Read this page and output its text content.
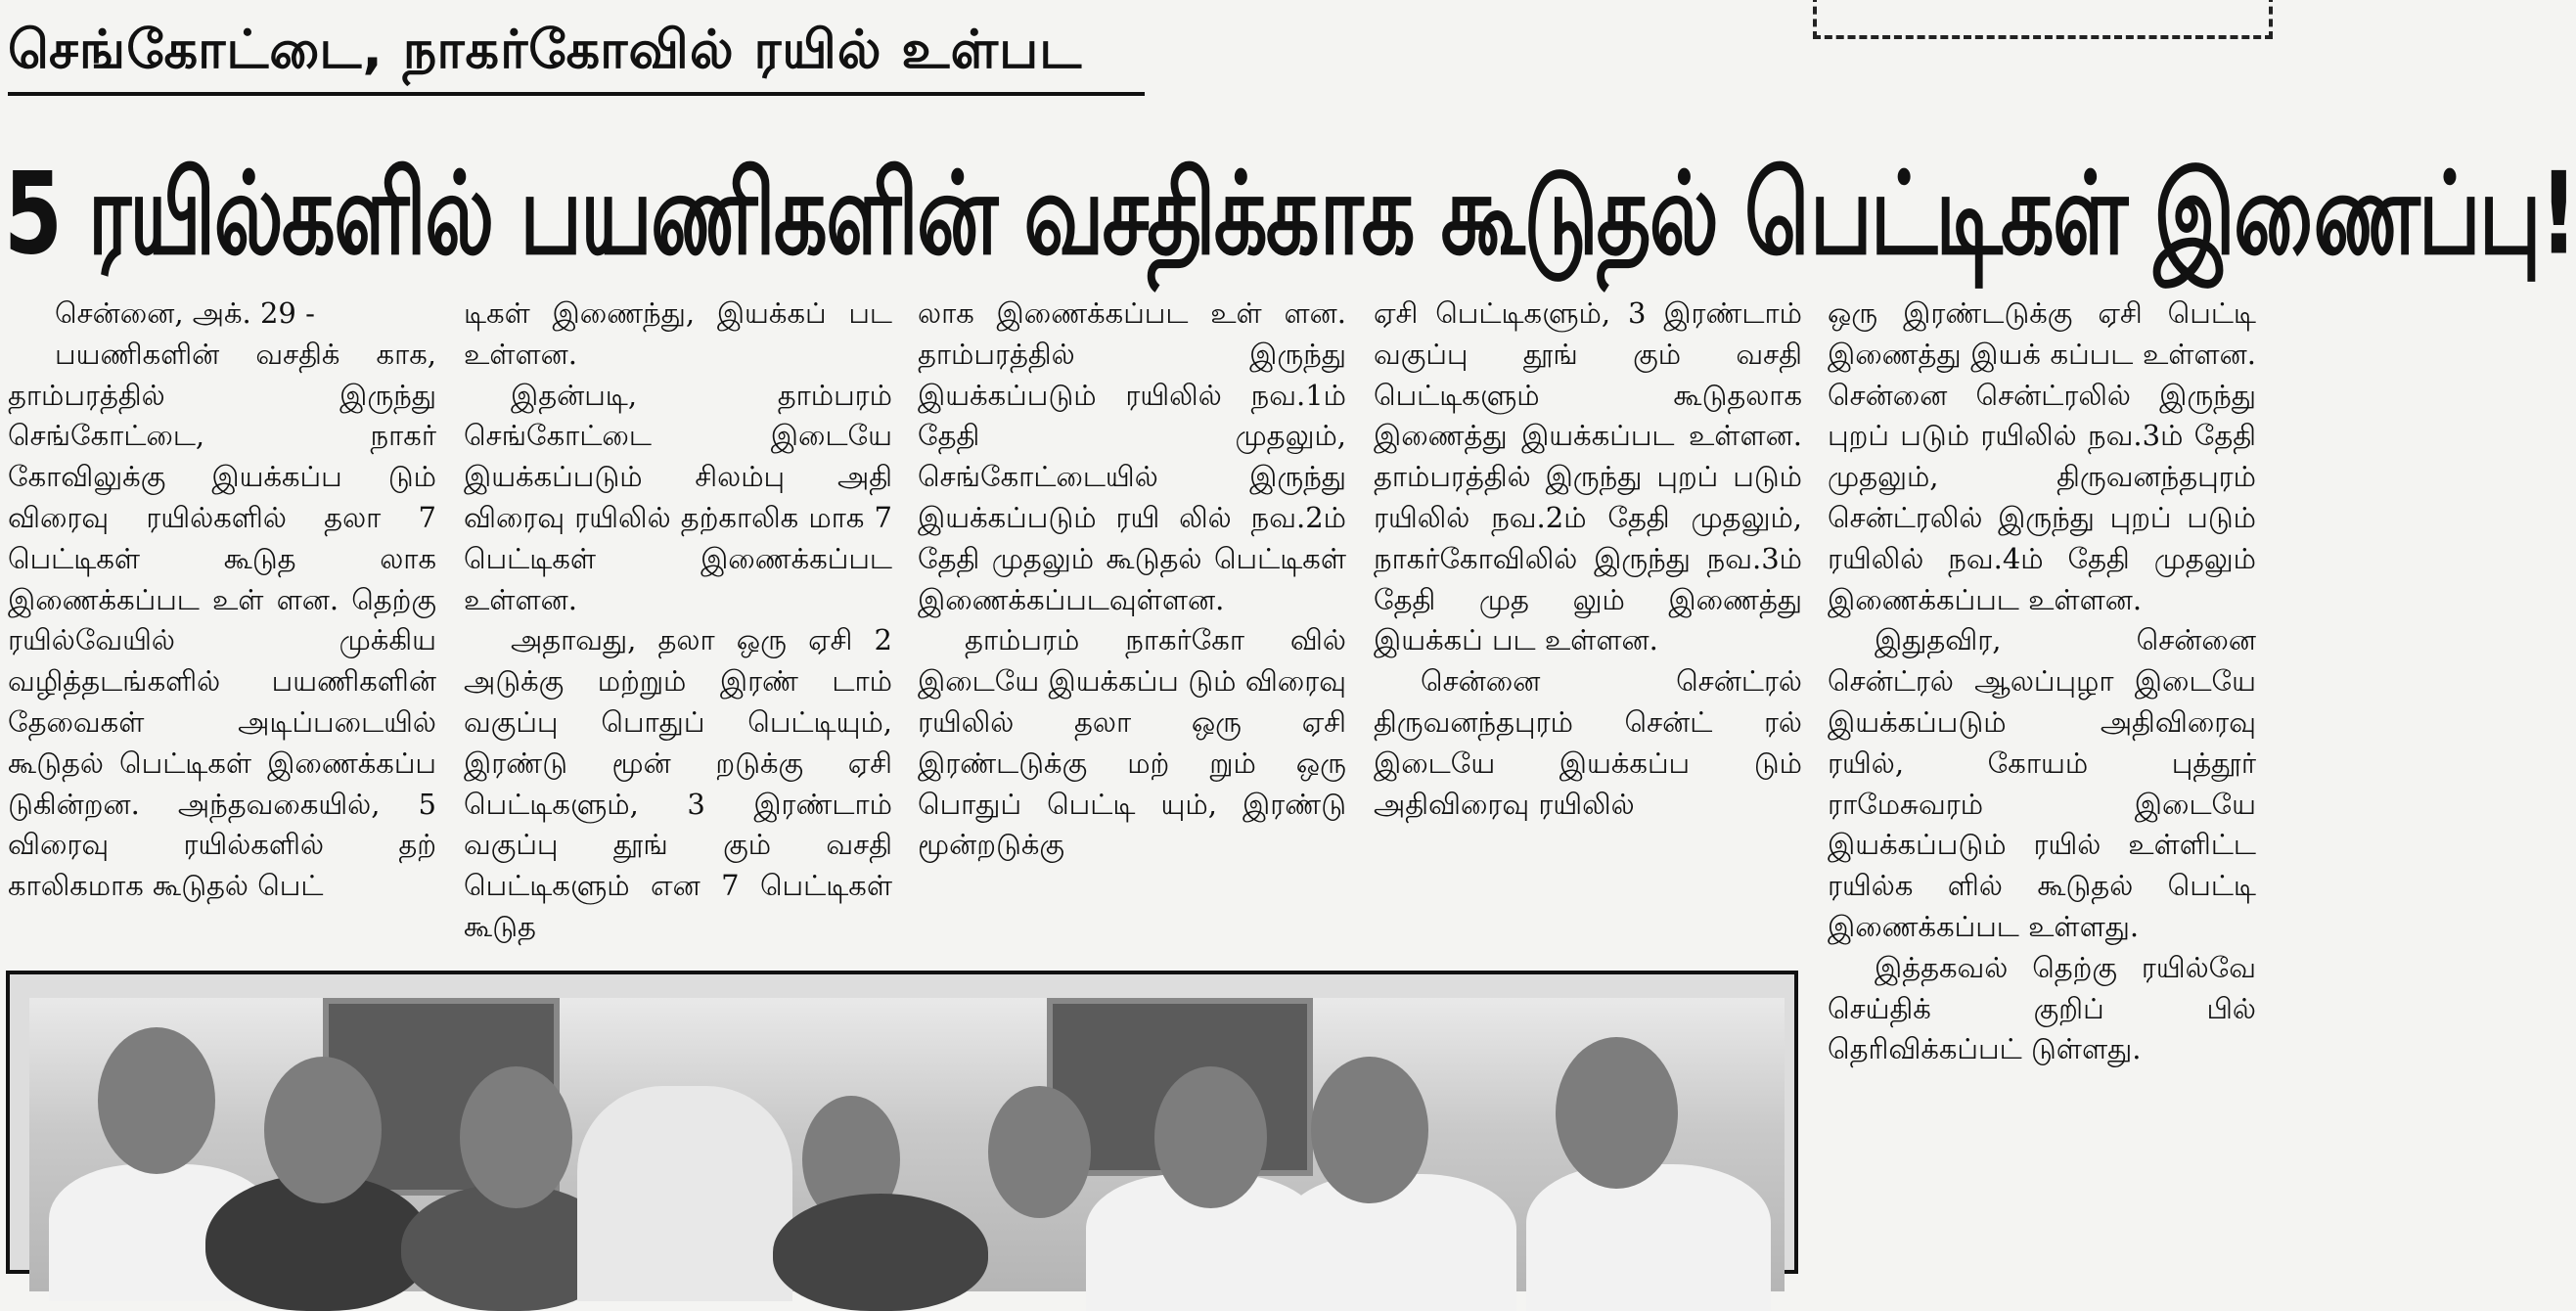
செங்கோட்டை, நாகர்கோவில் ரயில் உள்பட
5 ரயில்களில் பயணிகளின் வசதிக்காக கூடுதல் பெட்டிகள் இணைப்பு!

சென்னை, அக். 29 -

பயணிகளின் வசதிக் காக, தாம்பரத்தில் இருந்து செங்கோட்டை, நாகர் கோவிலுக்கு இயக்கப்ப டும் விரைவு ரயில்களில் தலா 7 பெட்டிகள் கூடுத லாக இணைக்கப்பட உள் ளன. தெற்கு ரயில்வேயில் முக்கிய வழித்தடங்களில் பயணிகளின் தேவைகள் அடிப்படையில் கூடுதல் பெட்டிகள் இணைக்கப்ப டுகின்றன. அந்தவகையில், 5 விரைவு ரயில்களில் தற் காலிகமாக கூடுதல் பெட்

டிகள் இணைந்து, இயக்கப் பட உள்ளன.

இதன்படி, தாம்பரம் செங்கோட்டை இடையே இயக்கப்படும் சிலம்பு அதி விரைவு ரயிலில் தற்காலிக மாக 7 பெட்டிகள் இணைக்கப்பட உள்ளன.

அதாவது, தலா ஒரு ஏசி 2 அடுக்கு மற்றும் இரண் டாம் வகுப்பு பொதுப் பெட்டியும், இரண்டு மூன் றடுக்கு ஏசி பெட்டிகளும், 3 இரண்டாம் வகுப்பு தூங் கும் வசதி பெட்டிகளும் என 7 பெட்டிகள் கூடுத

லாக இணைக்கப்பட உள் ளன. தாம்பரத்தில் இருந்து இயக்கப்படும் ரயிலில் நவ.1ம் தேதி முதலும், செங்கோட்டையில் இருந்து இயக்கப்படும் ரயி லில் நவ.2ம் தேதி முதலும் கூடுதல் பெட்டிகள் இணைக்கப்படவுள்ளன.

தாம்பரம் நாகர்கோ வில் இடையே இயக்கப்ப டும் விரைவு ரயிலில் தலா ஒரு ஏசி இரண்டடுக்கு மற் றும் ஒரு பொதுப் பெட்டி யும், இரண்டு மூன்றடுக்கு

ஏசி பெட்டிகளும், 3 இரண்டாம் வகுப்பு தூங் கும் வசதி பெட்டிகளும் கூடுதலாக இணைத்து இயக்கப்பட உள்ளன. தாம்பரத்தில் இருந்து புறப் படும் ரயிலில் நவ.2ம் தேதி முதலும், நாகர்கோவிலில் இருந்து நவ.3ம் தேதி முத லும் இணைத்து இயக்கப் பட உள்ளன.

சென்னை சென்ட்ரல் திருவனந்தபுரம் சென்ட் ரல் இடையே இயக்கப்ப டும் அதிவிரைவு ரயிலில்

ஒரு இரண்டடுக்கு ஏசி பெட்டி இணைத்து இயக் கப்பட உள்ளன. சென்னை சென்ட்ரலில் இருந்து புறப் படும் ரயிலில் நவ.3ம் தேதி முதலும், திருவனந்தபுரம் சென்ட்ரலில் இருந்து புறப் படும் ரயிலில் நவ.4ம் தேதி முதலும் இணைக்கப்பட உள்ளன.

இதுதவிர, சென்னை சென்ட்ரல் ஆலப்புழா இடையே இயக்கப்படும் அதிவிரைவு ரயில், கோயம் புத்தூர் ராமேசுவரம் இடையே இயக்கப்படும் ரயில் உள்ளிட்ட ரயில்க ளில் கூடுதல் பெட்டி இணைக்கப்பட உள்ளது.

இத்தகவல் தெற்கு ரயில்வே செய்திக் குறிப் பில் தெரிவிக்கப்பட் டுள்ளது.
